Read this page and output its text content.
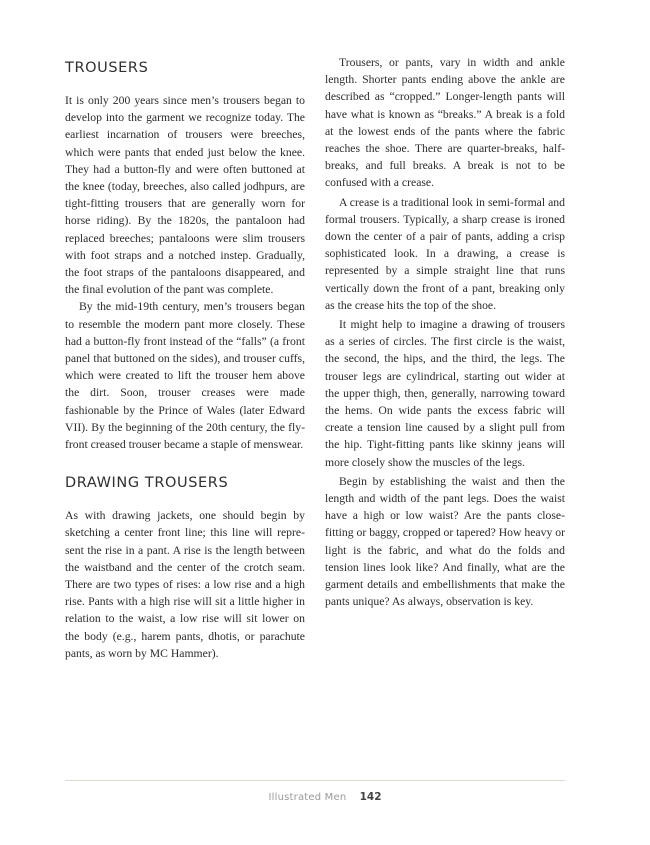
TROUSERS

It is only 200 years since men’s trousers began to develop into the garment we recognize today. The earliest incarnation of trousers were breeches, which were pants that ended just below the knee. They had a button-fly and were often buttoned at the knee (today, breeches, also called jodhpurs, are tight-fitting trousers that are generally worn for horse riding). By the 1820s, the pantaloon had replaced breeches; pantaloons were slim trousers with foot straps and a notched instep. Gradually, the foot straps of the pantaloons disappeared, and the final evolution of the pant was complete.

By the mid-19th century, men’s trousers began to resemble the modern pant more closely. These had a button-fly front instead of the “falls” (a front panel that buttoned on the sides), and trouser cuffs, which were created to lift the trouser hem above the dirt. Soon, trouser creases were made fashionable by the Prince of Wales (later Edward VII). By the beginning of the 20th century, the fly-front creased trouser became a staple of menswear.

DRAWING TROUSERS

As with drawing jackets, one should begin by sketching a center front line; this line will represent the rise in a pant. A rise is the length between the waistband and the center of the crotch seam. There are two types of rises: a low rise and a high rise. Pants with a high rise will sit a little higher in relation to the waist, a low rise will sit lower on the body (e.g., harem pants, dhotis, or parachute pants, as worn by MC Hammer).

Trousers, or pants, vary in width and ankle length. Shorter pants ending above the ankle are described as “cropped.” Longer-length pants will have what is known as “breaks.” A break is a fold at the lowest ends of the pants where the fabric reaches the shoe. There are quarter-breaks, half-breaks, and full breaks. A break is not to be confused with a crease.

A crease is a traditional look in semi-formal and formal trousers. Typically, a sharp crease is ironed down the center of a pair of pants, adding a crisp sophisticated look. In a drawing, a crease is represented by a simple straight line that runs vertically down the front of a pant, breaking only as the crease hits the top of the shoe.

It might help to imagine a drawing of trousers as a series of circles. The first circle is the waist, the second, the hips, and the third, the legs. The trouser legs are cylindrical, starting out wider at the upper thigh, then, generally, narrowing toward the hems. On wide pants the excess fabric will create a tension line caused by a slight pull from the hip. Tight-fitting pants like skinny jeans will more closely show the muscles of the legs.

Begin by establishing the waist and then the length and width of the pant legs. Does the waist have a high or low waist? Are the pants close-fitting or baggy, cropped or tapered? How heavy or light is the fabric, and what do the folds and tension lines look like? And finally, what are the garment details and embellishments that make the pants unique? As always, observation is key.

Illustrated Men 142
